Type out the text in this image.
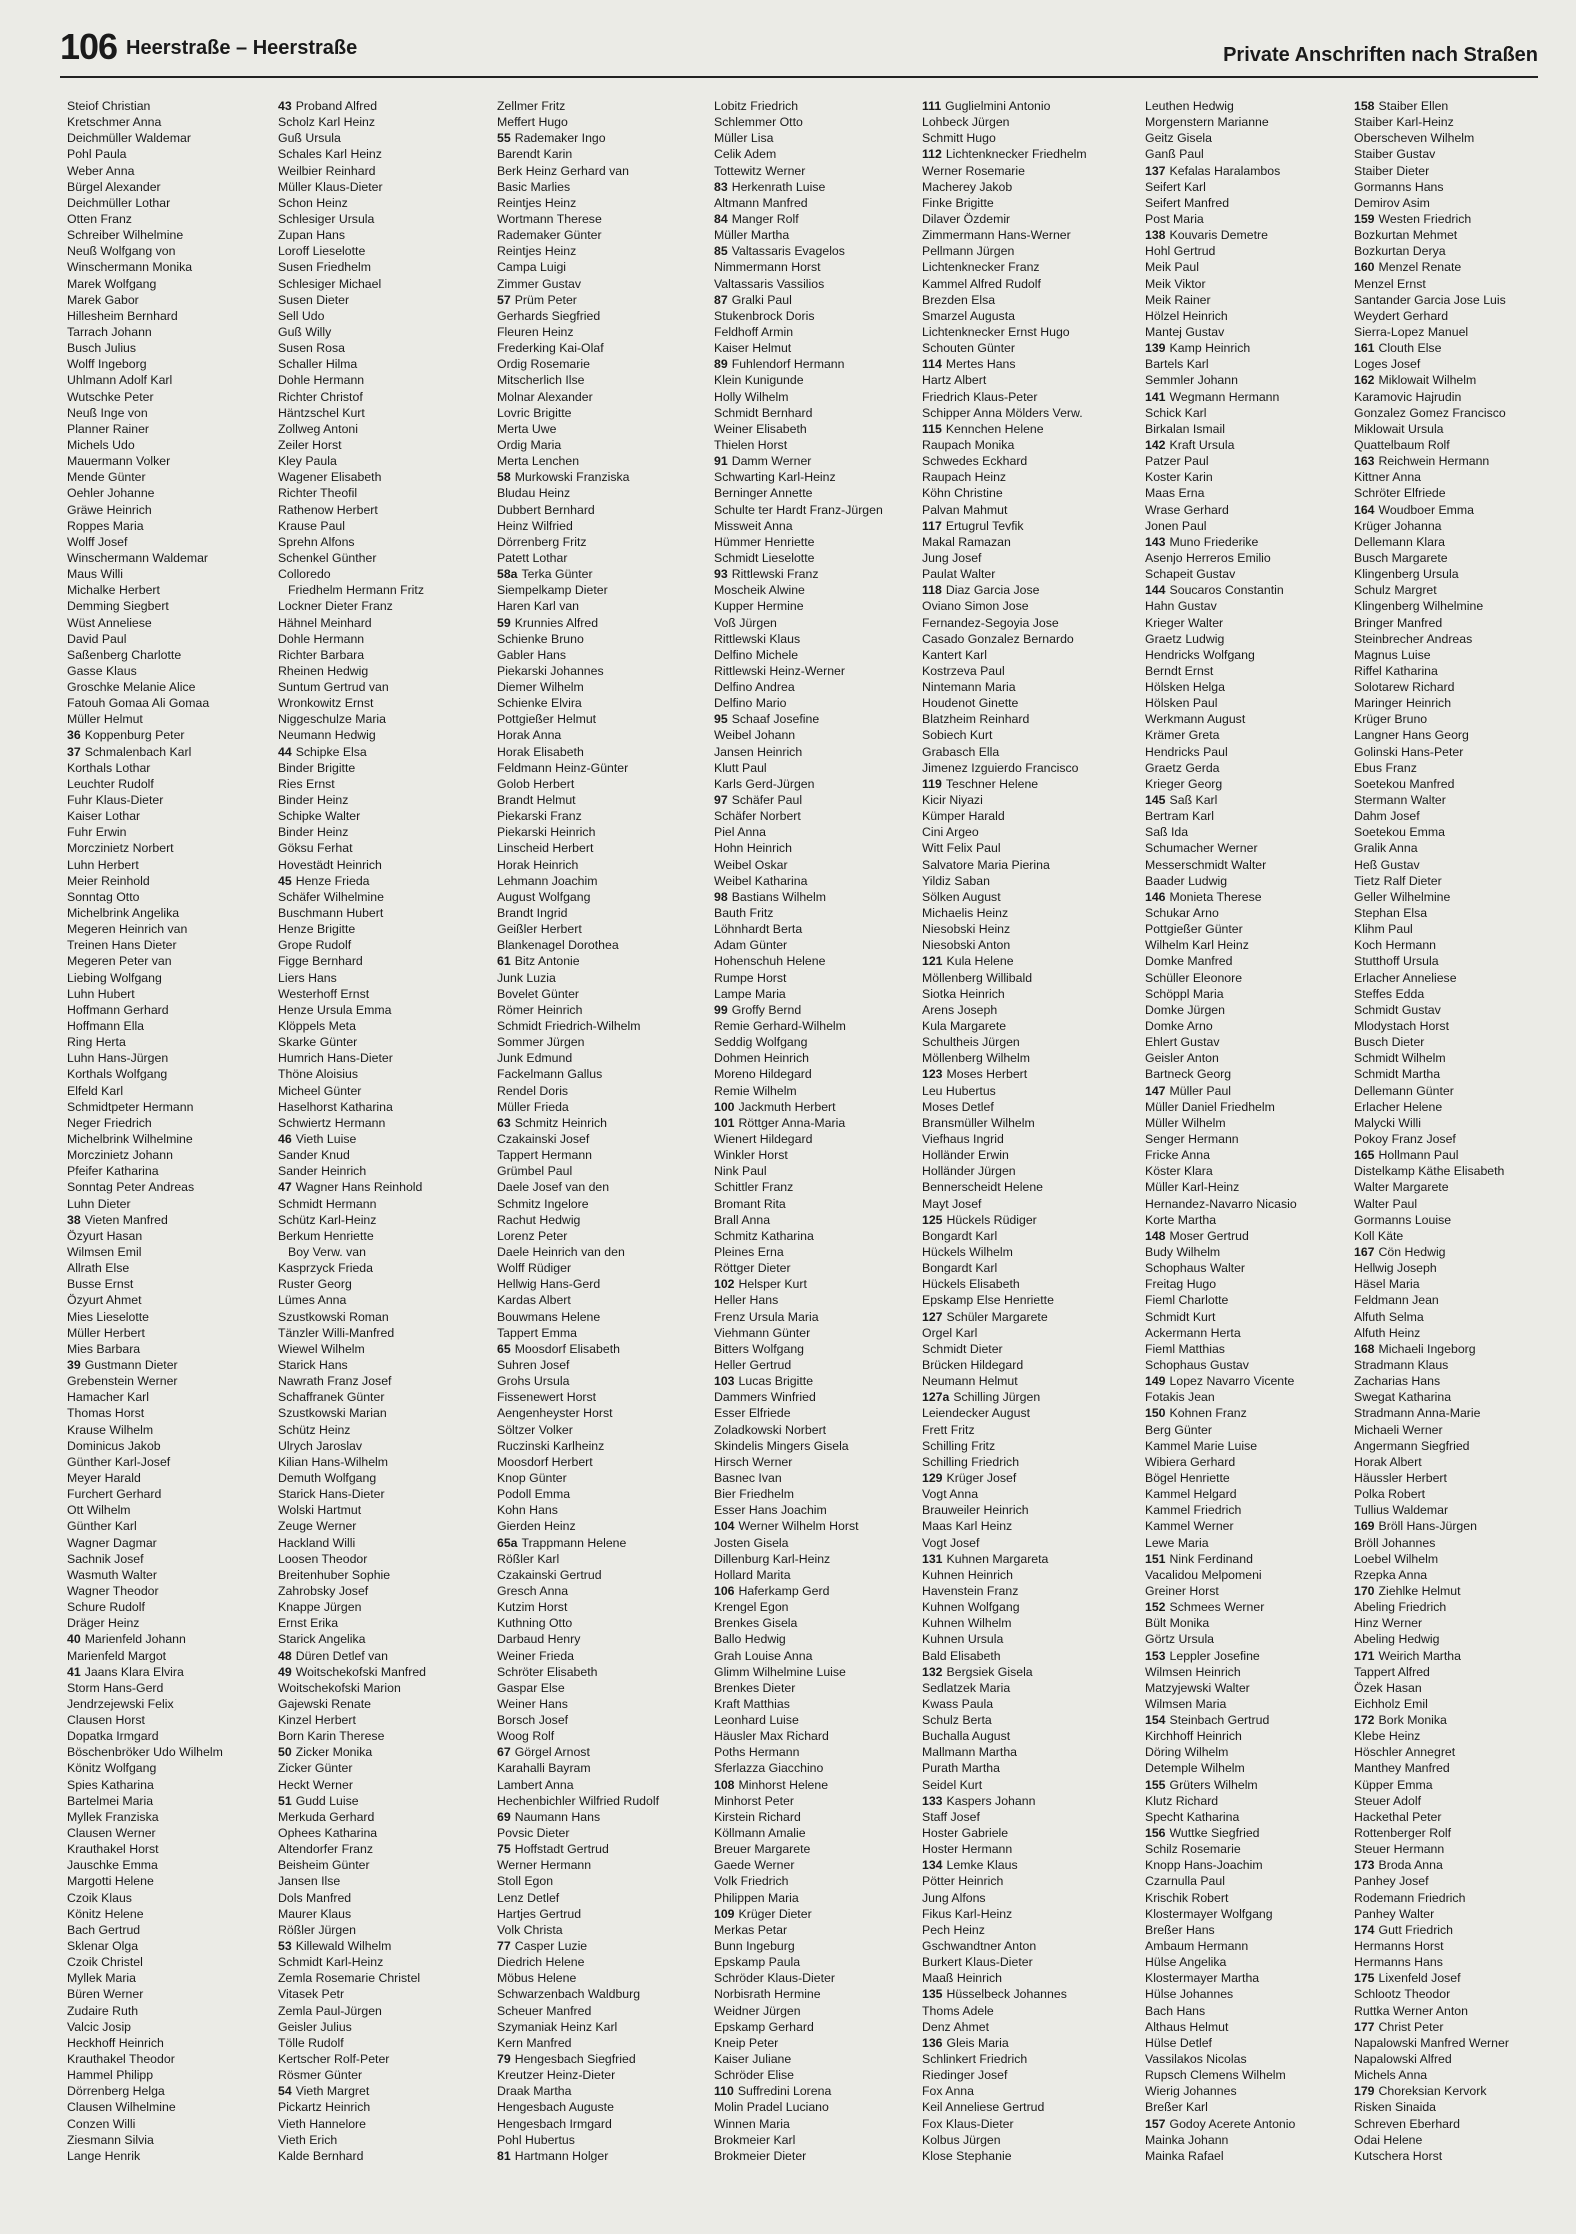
106 Heerstraße – Heerstraße	Private Anschriften nach Straßen
Steiof Christian
Kretschmer Anna
Deichmüller Waldemar
Pohl Paula
Weber Anna
Bürgel Alexander
Deichmüller Lothar
Otten Franz
Schreiber Wilhelmine
Neuß Wolfgang von
Winschermann Monika
Marek Wolfgang
Marek Gabor
Hillesheim Bernhard
Tarrach Johann
Busch Julius
Wolff Ingeborg
Uhlmann Adolf Karl
Wutschke Peter
Neuß Inge von
Planner Rainer
Michels Udo
Mauermann Volker
Mende Günter
Oehler Johanne
Gräwe Heinrich
Roppes Maria
Wolff Josef
Winschermann Waldemar
Maus Willi
Michalke Herbert
Demming Siegbert
Wüst Anneliese
David Paul
Saßenberg Charlotte
Gasse Klaus
Groschke Melanie Alice
Fatouh Gomaa Ali Gomaa
Müller Helmut
36 Koppenburg Peter
37 Schmalenbach Karl
Korthals Lothar
Leuchter Rudolf
Fuhr Klaus-Dieter
Kaiser Lothar
Fuhr Erwin
Morczinietz Norbert
Luhn Herbert
Meier Reinhold
Sonntag Otto
Michelbrink Angelika
Megeren Heinrich van
Treinen Hans Dieter
Megeren Peter van
Liebing Wolfgang
Luhn Hubert
Hoffmann Gerhard
Hoffmann Ella
Ring Herta
Luhn Hans-Jürgen
Korthals Wolfgang
Elfeld Karl
Schmidtpeter Hermann
Neger Friedrich
Michelbrink Wilhelmine
Morczinietz Johann
Pfeifer Katharina
Sonntag Peter Andreas
Luhn Dieter
38 Vieten Manfred
Özyurt Hasan
Wilmsen Emil
Allrath Else
Busse Ernst
Özyurt Ahmet
Mies Lieselotte
Müller Herbert
Mies Barbara
39 Gustmann Dieter
Grebenstein Werner
Hamacher Karl
Thomas Horst
Krause Wilhelm
Dominicus Jakob
Günther Karl-Josef
Meyer Harald
Furchert Gerhard
Ott Wilhelm
Günther Karl
Wagner Dagmar
Sachnik Josef
Wasmuth Walter
Wagner Theodor
Schure Rudolf
Dräger Heinz
40 Marienfeld Johann
Marienfeld Margot
41 Jaans Klara Elvira
Storm Hans-Gerd
Jendrzejewski Felix
Clausen Horst
Dopatka Irmgard
Böschenbröker Udo Wilhelm
Könitz Wolfgang
Spies Katharina
Bartelmei Maria
Myllek Franziska
Clausen Werner
Krauthakel Horst
Jauschke Emma
Margotti Helene
Czoik Klaus
Könitz Helene
Bach Gertrud
Sklenar Olga
Czoik Christel
Myllek Maria
Büren Werner
Zudaire Ruth
Valcic Josip
Heckhoff Heinrich
Krauthakel Theodor
Hammel Philipp
Dörrenberg Helga
Clausen Wilhelmine
Conzen Willi
Ziesmann Silvia
Lange Henrik
43 Proband Alfred
Scholz Karl Heinz
Guß Ursula
Schales Karl Heinz
Weilbier Reinhard
Müller Klaus-Dieter
Schon Heinz
Schlesiger Ursula
Zupan Hans
Loroff Lieselotte
Susen Friedhelm
Schlesiger Michael
Susen Dieter
Sell Udo
Guß Willy
Susen Rosa
Schaller Hilma
Dohle Hermann
Richter Christof
Häntzschel Kurt
Zollweg Antoni
Zeiler Horst
Kley Paula
Wagener Elisabeth
Richter Theofil
Rathenow Herbert
Krause Paul
Sprehn Alfons
Schenkel Günther
Colloredo
Friedhelm Hermann Fritz
Lockner Dieter Franz
Hähnel Meinhard
Dohle Hermann
Richter Barbara
Rheinen Hedwig
Suntum Gertrud van
Wronkowitz Ernst
Niggeschulze Maria
Neumann Hedwig
44 Schipke Elsa
Binder Brigitte
Ries Ernst
Binder Heinz
Schipke Walter
Binder Heinz
Göksu Ferhat
Hovestädt Heinrich
45 Henze Frieda
Schäfer Wilhelmine
Buschmann Hubert
Henze Brigitte
Grope Rudolf
Figge Bernhard
Liers Hans
Westerhoff Ernst
Henze Ursula Emma
Klöppels Meta
Skarke Günter
Humrich Hans-Dieter
Thöne Aloisius
Micheel Günter
Haselhorst Katharina
Schwiertz Hermann
46 Vieth Luise
Sander Knud
Sander Heinrich
47 Wagner Hans Reinhold
Schmidt Hermann
Schütz Karl-Heinz
Berkum Henriette
Boy Verw. van
Kasprzyck Frieda
Ruster Georg
Lümes Anna
Szustkowski Roman
Tänzler Willi-Manfred
Wiewel Wilhelm
Starick Hans
Nawrath Franz Josef
Schaffranek Günter
Szustkowski Marian
Schütz Heinz
Ulrych Jaroslav
Kilian Hans-Wilhelm
Demuth Wolfgang
Starick Hans-Dieter
Wolski Hartmut
Zeuge Werner
Hackland Willi
Loosen Theodor
Breitenhuber Sophie
Zahrobsky Josef
Knappe Jürgen
Ernst Erika
Starick Angelika
48 Düren Detlef van
49 Woitschekofski Manfred
Woitschekofski Marion
Gajewski Renate
Kinzel Herbert
Born Karin Therese
50 Zicker Monika
Zicker Günter
Heckt Werner
51 Gudd Luise
Merkuda Gerhard
Ophees Katharina
Altendorfer Franz
Beisheim Günter
Jansen Ilse
Dols Manfred
Maurer Klaus
Rößler Jürgen
53 Killewald Wilhelm
Schmidt Karl-Heinz
Zemla Rosemarie Christel
Vitasek Petr
Zemla Paul-Jürgen
Geisler Julius
Tölle Rudolf
Kertscher Rolf-Peter
Rösmer Günter
54 Vieth Margret
Pickartz Heinrich
Vieth Hannelore
Vieth Erich
Kalde Bernhard
Zellmer Fritz
Meffert Hugo
55 Rademaker Ingo
Barendt Karin
Berk Heinz Gerhard van
Basic Marlies
Reintjes Heinz
Wortmann Therese
Rademaker Günter
Reintjes Heinz
Campa Luigi
Zimmer Gustav
57 Prüm Peter
Gerhards Siegfried
Fleuren Heinz
Frederking Kai-Olaf
Ordig Rosemarie
Mitscherlich Ilse
Molnar Alexander
Lovric Brigitte
Merta Uwe
Ordig Maria
Merta Lenchen
58 Murkowski Franziska
Bludau Heinz
Dubbert Bernhard
Heinz Wilfried
Dörrenberg Fritz
Patett Lothar
58a Terka Günter
Siempelkamp Dieter
Haren Karl van
59 Krunnies Alfred
Schienke Bruno
Gabler Hans
Piekarski Johannes
Diemer Wilhelm
Schienke Elvira
Pottgießer Helmut
Horak Anna
Horak Elisabeth
Feldmann Heinz-Günter
Golob Herbert
Brandt Helmut
Piekarski Franz
Piekarski Heinrich
Linscheid Herbert
Horak Heinrich
Lehmann Joachim
August Wolfgang
Brandt Ingrid
Geißler Herbert
Blankenagel Dorothea
61 Bitz Antonie
Junk Luzia
Bovelet Günter
Römer Heinrich
Schmidt Friedrich-Wilhelm
Sommer Jürgen
Junk Edmund
Fackelmann Gallus
Rendel Doris
Müller Frieda
63 Schmitz Heinrich
Czakainski Josef
Tappert Hermann
Grümbel Paul
Daele Josef van den
Schmitz Ingelore
Rachut Hedwig
Lorenz Peter
Daele Heinrich van den
Wolff Rüdiger
Hellwig Hans-Gerd
Kardas Albert
Bouwmans Helene
Tappert Emma
65 Moosdorf Elisabeth
Suhren Josef
Grohs Ursula
Fissenewert Horst
Aengenheyster Horst
Söltzer Volker
Ruczinski Karlheinz
Moosdorf Herbert
Knop Günter
Podoll Emma
Kohn Hans
Gierden Heinz
65a Trappmann Helene
Rößler Karl
Czakainski Gertrud
Gresch Anna
Kutzim Horst
Kuthning Otto
Darbaud Henry
Weiner Frieda
Schröter Elisabeth
Gaspar Else
Weiner Hans
Borsch Josef
Woog Rolf
67 Görgel Arnost
Karahalli Bayram
Lambert Anna
Hechenbichler Wilfried Rudolf
69 Naumann Hans
Povsic Dieter
75 Hoffstadt Gertrud
Werner Hermann
Stoll Egon
Lenz Detlef
Hartjes Gertrud
Volk Christa
77 Casper Luzie
Diedrich Helene
Möbus Helene
Schwarzenbach Waldburg
Scheuer Manfred
Szymaniak Heinz Karl
Kern Manfred
79 Hengesbach Siegfried
Kreutzer Heinz-Dieter
Draak Martha
Hengesbach Auguste
Hengesbach Irmgard
Pohl Hubertus
81 Hartmann Holger
Lobitz Friedrich
Schlemmer Otto
Müller Lisa
Celik Adem
Tottewitz Werner
83 Herkenrath Luise
Altmann Manfred
84 Manger Rolf
Müller Martha
85 Valtassaris Evagelos
Nimmermann Horst
Valtassaris Vassilios
87 Gralki Paul
Stukenbrock Doris
Feldhoff Armin
Kaiser Helmut
89 Fuhlendorf Hermann
Klein Kunigunde
Holly Wilhelm
Schmidt Bernhard
Weiner Elisabeth
Thielen Horst
91 Damm Werner
Schwarting Karl-Heinz
Berninger Annette
Schulte ter Hardt Franz-Jürgen
Missweit Anna
Hümmer Henriette
Schmidt Lieselotte
93 Rittlewski Franz
Moscheik Alwine
Kupper Hermine
Voß Jürgen
Rittlewski Klaus
Delfino Michele
Rittlewski Heinz-Werner
Delfino Andrea
Delfino Mario
95 Schaaf Josefine
Weibel Johann
Jansen Heinrich
Klutt Paul
Karls Gerd-Jürgen
97 Schäfer Paul
Schäfer Norbert
Piel Anna
Hohn Heinrich
Weibel Oskar
Weibel Katharina
98 Bastians Wilhelm
Bauth Fritz
Löhnhardt Berta
Adam Günter
Hohenschuh Helene
Rumpe Horst
Lampe Maria
99 Groffy Bernd
Remie Gerhard-Wilhelm
Seddig Wolfgang
Dohmen Heinrich
Moreno Hildegard
Remie Wilhelm
100 Jackmuth Herbert
101 Röttger Anna-Maria
Wienert Hildegard
Winkler Horst
Nink Paul
Schittler Franz
Bromant Rita
Brall Anna
Schmitz Katharina
Pleines Erna
Röttger Dieter
102 Helsper Kurt
Heller Hans
Frenz Ursula Maria
Viehmann Günter
Bitters Wolfgang
Heller Gertrud
103 Lucas Brigitte
Dammers Winfried
Esser Elfriede
Zoladkowski Norbert
Skindelis Mingers Gisela
Hirsch Werner
Basnec Ivan
Bier Friedhelm
Esser Hans Joachim
104 Werner Wilhelm Horst
Josten Gisela
Dillenburg Karl-Heinz
Hollard Marita
106 Haferkamp Gerd
Krengel Egon
Brenkes Gisela
Ballo Hedwig
Grah Louise Anna
Glimm Wilhelmine Luise
Brenkes Dieter
Kraft Matthias
Leonhard Luise
Häusler Max Richard
Poths Hermann
Sferlazza Giacchino
108 Minhorst Helene
Minhorst Peter
Kirstein Richard
Köllmann Amalie
Breuer Margarete
Gaede Werner
Volk Friedrich
Philippen Maria
109 Krüger Dieter
Merkas Petar
Bunn Ingeburg
Epskamp Paula
Schröder Klaus-Dieter
Norbisrath Hermine
Weidner Jürgen
Epskamp Gerhard
Kneip Peter
Kaiser Juliane
Schröder Elise
110 Suffredini Lorena
Molin Pradel Luciano
Winnen Maria
Brokmeier Karl
Brokmeier Dieter
111 Guglielmini Antonio
Lohbeck Jürgen
Schmitt Hugo
112 Lichtenknecker Friedhelm
Werner Rosemarie
Macherey Jakob
Finke Brigitte
Dilaver Özdemir
Zimmermann Hans-Werner
Pellmann Jürgen
Lichtenknecker Franz
Kammel Alfred Rudolf
Brezden Elsa
Smarzel Augusta
Lichtenknecker Ernst Hugo
Schouten Günter
114 Mertes Hans
Hartz Albert
Friedrich Klaus-Peter
Schipper Anna Mölders Verw.
115 Kennchen Helene
Raupach Monika
Schwedes Eckhard
Raupach Heinz
Köhn Christine
Palvan Mahmut
117 Ertugrul Tevfik
Makal Ramazan
Jung Josef
Paulat Walter
118 Diaz Garcia Jose
Oviano Simon Jose
Fernandez-Segoyia Jose
Casado Gonzalez Bernardo
Kantert Karl
Kostrzeva Paul
Nintemann Maria
Houdenot Ginette
Blatzheim Reinhard
Sobiech Kurt
Grabasch Ella
Jimenez Izguierdo Francisco
119 Teschner Helene
Kicir Niyazi
Kümper Harald
Cini Argeo
Witt Felix Paul
Salvatore Maria Pierina
Yildiz Saban
Sölken August
Michaelis Heinz
Niesobski Heinz
Niesobski Anton
121 Kula Helene
Möllenberg Willibald
Siotka Heinrich
Arens Joseph
Kula Margarete
Schultheis Jürgen
Möllenberg Wilhelm
123 Moses Herbert
Leu Hubertus
Moses Detlef
Bransmüller Wilhelm
Viefhaus Ingrid
Holländer Erwin
Holländer Jürgen
Bennerscheidt Helene
Mayt Josef
125 Hückels Rüdiger
Bongardt Karl
Hückels Wilhelm
Bongardt Karl
Hückels Elisabeth
Epskamp Else Henriette
127 Schüler Margarete
Orgel Karl
Schmidt Dieter
Brücken Hildegard
Neumann Helmut
127a Schilling Jürgen
Leiendecker August
Frett Fritz
Schilling Fritz
Schilling Friedrich
129 Krüger Josef
Vogt Anna
Brauweiler Heinrich
Maas Karl Heinz
Vogt Josef
131 Kuhnen Margareta
Kuhnen Heinrich
Havenstein Franz
Kuhnen Wolfgang
Kuhnen Wilhelm
Kuhnen Ursula
Bald Elisabeth
132 Bergsiek Gisela
Sedlatzek Maria
Kwass Paula
Schulz Berta
Buchalla August
Mallmann Martha
Purath Martha
Seidel Kurt
133 Kaspers Johann
Staff Josef
Hoster Gabriele
Hoster Hermann
134 Lemke Klaus
Pötter Heinrich
Jung Alfons
Fikus Karl-Heinz
Pech Heinz
Gschwandtner Anton
Burkert Klaus-Dieter
Maaß Heinrich
135 Hüsselbeck Johannes
Thoms Adele
Denz Ahmet
136 Gleis Maria
Schlinkert Friedrich
Riedinger Josef
Fox Anna
Keil Anneliese Gertrud
Fox Klaus-Dieter
Kolbus Jürgen
Klose Stephanie
Leuthen Hedwig
Morgenstern Marianne
Geitz Gisela
Ganß Paul
137 Kefalas Haralambos
Seifert Karl
Seifert Manfred
Post Maria
138 Kouvaris Demetre
Hohl Gertrud
Meik Paul
Meik Viktor
Meik Rainer
Hölzel Heinrich
Mantej Gustav
139 Kamp Heinrich
Bartels Karl
Semmler Johann
141 Wegmann Hermann
Schick Karl
Birkalan Ismail
142 Kraft Ursula
Patzer Paul
Koster Karin
Maas Erna
Wrase Gerhard
Jonen Paul
143 Muno Friederike
Asenjo Herreros Emilio
Schapeit Gustav
144 Soucaros Constantin
Hahn Gustav
Krieger Walter
Graetz Ludwig
Hendricks Wolfgang
Berndt Ernst
Hölsken Helga
Hölsken Paul
Werkmann August
Krämer Greta
Hendricks Paul
Graetz Gerda
Krieger Georg
145 Saß Karl
Bertram Karl
Saß Ida
Schumacher Werner
Messerschmidt Walter
Baader Ludwig
146 Monieta Therese
Schukar Arno
Pottgießer Günter
Wilhelm Karl Heinz
Domke Manfred
Schüller Eleonore
Schöppl Maria
Domke Jürgen
Domke Arno
Ehlert Gustav
Geisler Anton
Bartneck Georg
147 Müller Paul
Müller Daniel Friedhelm
Müller Wilhelm
Senger Hermann
Fricke Anna
Köster Klara
Müller Karl-Heinz
Hernandez-Navarro Nicasio
Korte Martha
148 Moser Gertrud
Budy Wilhelm
Schophaus Walter
Freitag Hugo
Fieml Charlotte
Schmidt Kurt
Ackermann Herta
Fieml Matthias
Schophaus Gustav
149 Lopez Navarro Vicente
Fotakis Jean
150 Kohnen Franz
Berg Günter
Kammel Marie Luise
Wibiera Gerhard
Bögel Henriette
Kammel Helgard
Kammel Friedrich
Kammel Werner
Lewe Maria
151 Nink Ferdinand
Vacalidou Melpomeni
Greiner Horst
152 Schmees Werner
Bült Monika
Görtz Ursula
153 Leppler Josefine
Wilmsen Heinrich
Matzyjewski Walter
Wilmsen Maria
154 Steinbach Gertrud
Kirchhoff Heinrich
Döring Wilhelm
Detemple Wilhelm
155 Grüters Wilhelm
Klutz Richard
Specht Katharina
156 Wuttke Siegfried
Schilz Rosemarie
Knopp Hans-Joachim
Czarnulla Paul
Krischik Robert
Klostermayer Wolfgang
Breßer Hans
Ambaum Hermann
Hülse Angelika
Klostermayer Martha
Hülse Johannes
Bach Hans
Althaus Helmut
Hülse Detlef
Vassilakos Nicolas
Rupsch Clemens Wilhelm
Wierig Johannes
Breßer Karl
157 Godoy Acerete Antonio
Mainka Johann
Mainka Rafael
158 Staiber Ellen
Staiber Karl-Heinz
Oberscheven Wilhelm
Staiber Gustav
Staiber Dieter
Gormanns Hans
Demirov Asim
159 Westen Friedrich
Bozkurtan Mehmet
Bozkurtan Derya
160 Menzel Renate
Menzel Ernst
Santander Garcia Jose Luis
Weydert Gerhard
Sierra-Lopez Manuel
161 Clouth Else
Loges Josef
162 Miklowait Wilhelm
Karamovic Hajrudin
Gonzalez Gomez Francisco
Miklowait Ursula
Quattelbaum Rolf
163 Reichwein Hermann
Kittner Anna
Schröter Elfriede
164 Woudboer Emma
Krüger Johanna
Dellemann Klara
Busch Margarete
Klingenberg Ursula
Schulz Margret
Klingenberg Wilhelmine
Bringer Manfred
Steinbrecher Andreas
Magnus Luise
Riffel Katharina
Solotarew Richard
Maringer Heinrich
Krüger Bruno
Langner Hans Georg
Golinski Hans-Peter
Ebus Franz
Soetekou Manfred
Stermann Walter
Dahm Josef
Soetekou Emma
Gralik Anna
Heß Gustav
Tietz Ralf Dieter
Geller Wilhelmine
Stephan Elsa
Klihm Paul
Koch Hermann
Stutthoff Ursula
Erlacher Anneliese
Steffes Edda
Schmidt Gustav
Mlodystach Horst
Busch Dieter
Schmidt Wilhelm
Schmidt Martha
Dellemann Günter
Erlacher Helene
Malycki Willi
Pokoy Franz Josef
165 Hollmann Paul
Distelkamp Käthe Elisabeth
Walter Margarete
Walter Paul
Gormanns Louise
Koll Käte
167 Cön Hedwig
Hellwig Joseph
Häsel Maria
Feldmann Jean
Alfuth Selma
Alfuth Heinz
168 Michaeli Ingeborg
Stradmann Klaus
Zacharias Hans
Swegat Katharina
Stradmann Anna-Marie
Michaeli Werner
Angermann Siegfried
Horak Albert
Häussler Herbert
Polka Robert
Tullius Waldemar
169 Bröll Hans-Jürgen
Bröll Johannes
Loebel Wilhelm
Rzepka Anna
170 Ziehlke Helmut
Abeling Friedrich
Hinz Werner
Abeling Hedwig
171 Weirich Martha
Tappert Alfred
Özek Hasan
Eichholz Emil
172 Bork Monika
Klebe Heinz
Höschler Annegret
Manthey Manfred
Küpper Emma
Steuer Adolf
Hackethal Peter
Rottenberger Rolf
Steuer Hermann
173 Broda Anna
Panhey Josef
Rodemann Friedrich
Panhey Walter
174 Gutt Friedrich
Hermanns Horst
Hermanns Hans
175 Lixenfeld Josef
Schlootz Theodor
Ruttka Werner Anton
177 Christ Peter
Napalowski Manfred Werner
Napalowski Alfred
Michels Anna
179 Choreksian Kervork
Risken Sinaida
Schreven Eberhard
Odai Helene
Kutschera Horst
